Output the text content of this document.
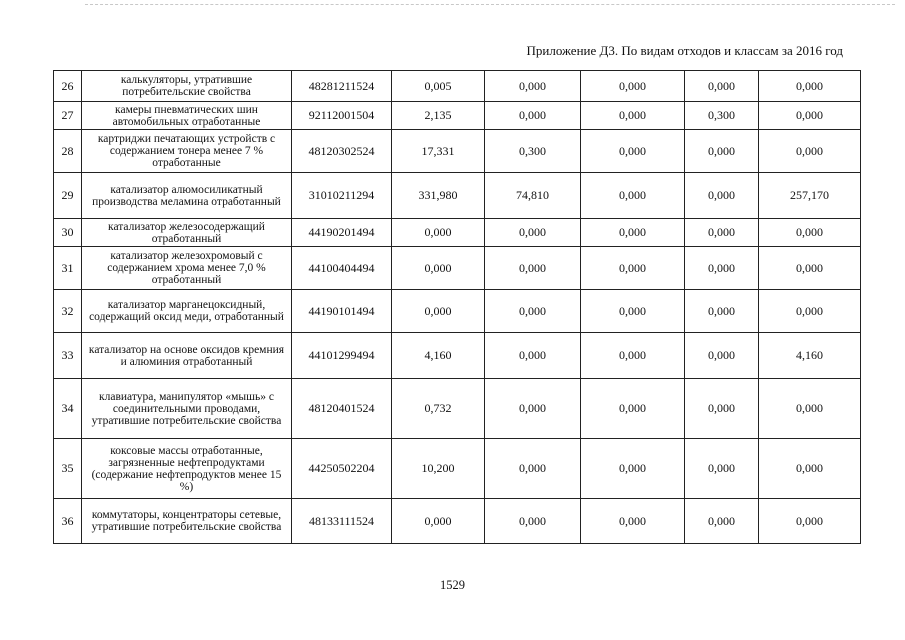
Приложение Д3. По видам отходов и классам за 2016 год
26	калькуляторы, утратившие потребительские свойства	48281211524	0,005	0,000	0,000	0,000	0,000
27	камеры пневматических шин автомобильных отработанные	92112001504	2,135	0,000	0,000	0,300	0,000
28	картриджи печатающих устройств с содержанием тонера менее 7 % отработанные	48120302524	17,331	0,300	0,000	0,000	0,000
29	катализатор алюмосиликатный производства меламина отработанный	31010211294	331,980	74,810	0,000	0,000	257,170
30	катализатор железосодержащий отработанный	44190201494	0,000	0,000	0,000	0,000	0,000
31	катализатор железохромовый с содержанием хрома менее 7,0 % отработанный	44100404494	0,000	0,000	0,000	0,000	0,000
32	катализатор марганецоксидный, содержащий оксид меди, отработанный	44190101494	0,000	0,000	0,000	0,000	0,000
33	катализатор на основе оксидов кремния и алюминия отработанный	44101299494	4,160	0,000	0,000	0,000	4,160
34	клавиатура, манипулятор «мышь» с соединительными проводами, утратившие потребительские свойства	48120401524	0,732	0,000	0,000	0,000	0,000
35	коксовые массы отработанные, загрязненные нефтепродуктами (содержание нефтепродуктов менее 15 %)	44250502204	10,200	0,000	0,000	0,000	0,000
36	коммутаторы, концентраторы сетевые, утратившие потребительские свойства	48133111524	0,000	0,000	0,000	0,000	0,000
1529
